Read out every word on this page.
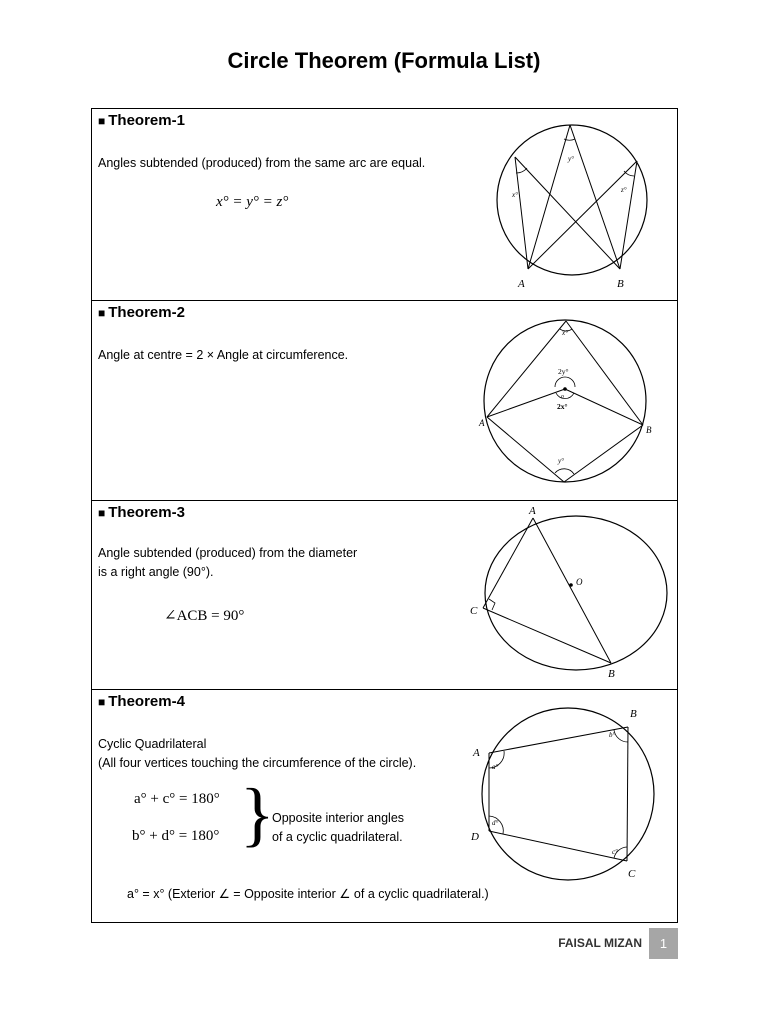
Circle Theorem (Formula List)
■ Theorem-1
Angles subtended (produced) from the same arc are equal.
x° = y° = z°	x°
y°
z°
A	B
■ Theorem-2
Angle at centre = 2 × Angle at circumference.
x°
2y°
o
2x°
y°
A
B
■ Theorem-3
Angle subtended (produced) from the diameter
is a right angle (90°).
∠ACB = 90°
A
O
C
B
■ Theorem-4
Cyclic Quadrilateral
(All four vertices touching the circumference of the circle).
a° + c° = 180°
b° + d° = 180° }
Opposite interior angles
of a cyclic quadrilateral.
a° = x° (Exterior ∠ = Opposite interior ∠ of a cyclic quadrilateral.)
A
B
C
D
a°
b°
c°
d°
FAISAL MIZAN	1
